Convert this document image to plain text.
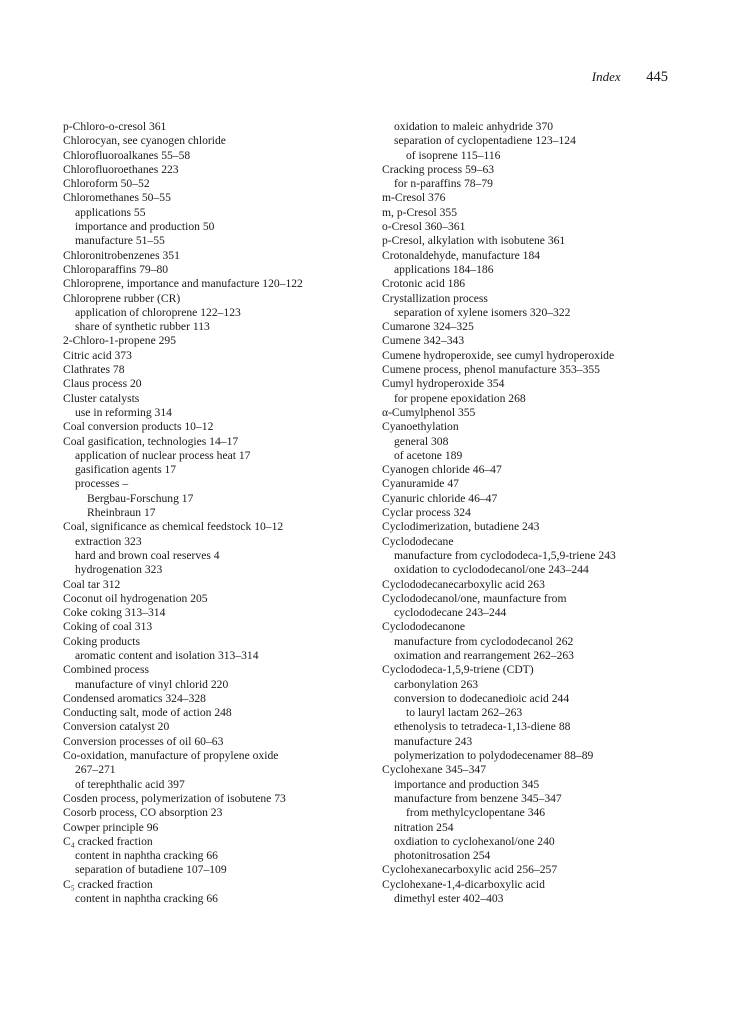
Index 445
p-Chloro-o-cresol 361
Chlorocyan, see cyanogen chloride
Chlorofluoroalkanes 55–58
Chlorofluoroethanes 223
Chloroform 50–52
Chloromethanes 50–55
applications 55
importance and production 50
manufacture 51–55
Chloronitrobenzenes 351
Chloroparaffins 79–80
Chloroprene, importance and manufacture 120–122
Chloroprene rubber (CR)
application of chloroprene 122–123
share of synthetic rubber 113
2-Chloro-1-propene 295
Citric acid 373
Clathrates 78
Claus process 20
Cluster catalysts
use in reforming 314
Coal conversion products 10–12
Coal gasification, technologies 14–17
application of nuclear process heat 17
gasification agents 17
processes –
Bergbau-Forschung 17
Rheinbraun 17
Coal, significance as chemical feedstock 10–12
extraction 323
hard and brown coal reserves 4
hydrogenation 323
Coal tar 312
Coconut oil hydrogenation 205
Coke coking 313–314
Coking of coal 313
Coking products
aromatic content and isolation 313–314
Combined process
manufacture of vinyl chlorid 220
Condensed aromatics 324–328
Conducting salt, mode of action 248
Conversion catalyst 20
Conversion processes of oil 60–63
Co-oxidation, manufacture of propylene oxide
267–271
of terephthalic acid 397
Cosden process, polymerization of isobutene 73
Cosorb process, CO absorption 23
Cowper principle 96
C₄ cracked fraction
content in naphtha cracking 66
separation of butadiene 107–109
C₅ cracked fraction
content in naphtha cracking 66
oxidation to maleic anhydride 370
separation of cyclopentadiene 123–124
of isoprene 115–116
Cracking process 59–63
for n-paraffins 78–79
m-Cresol 376
m, p-Cresol 355
o-Cresol 360–361
p-Cresol, alkylation with isobutene 361
Crotonaldehyde, manufacture 184
applications 184–186
Crotonic acid 186
Crystallization process
separation of xylene isomers 320–322
Cumarone 324–325
Cumene 342–343
Cumene hydroperoxide, see cumyl hydroperoxide
Cumene process, phenol manufacture 353–355
Cumyl hydroperoxide 354
for propene epoxidation 268
α-Cumylphenol 355
Cyanoethylation
general 308
of acetone 189
Cyanogen chloride 46–47
Cyanuramide 47
Cyanuric chloride 46–47
Cyclar process 324
Cyclodimerization, butadiene 243
Cyclododecane
manufacture from cyclododeca-1,5,9-triene 243
oxidation to cyclododecanol/one 243–244
Cyclododecanecarboxylic acid 263
Cyclododecanol/one, maunfacture from
cyclododecane 243–244
Cyclododecanone
manufacture from cyclododecanol 262
oximation and rearrangement 262–263
Cyclododeca-1,5,9-triene (CDT)
carbonylation 263
conversion to dodecanedioic acid 244
to lauryl lactam 262–263
ethenolysis to tetradeca-1,13-diene 88
manufacture 243
polymerization to polydodecenamer 88–89
Cyclohexane 345–347
importance and production 345
manufacture from benzene 345–347
from methylcyclopentane 346
nitration 254
oxdiation to cyclohexanol/one 240
photonitrosation 254
Cyclohexanecarboxylic acid 256–257
Cyclohexane-1,4-dicarboxylic acid
dimethyl ester 402–403
